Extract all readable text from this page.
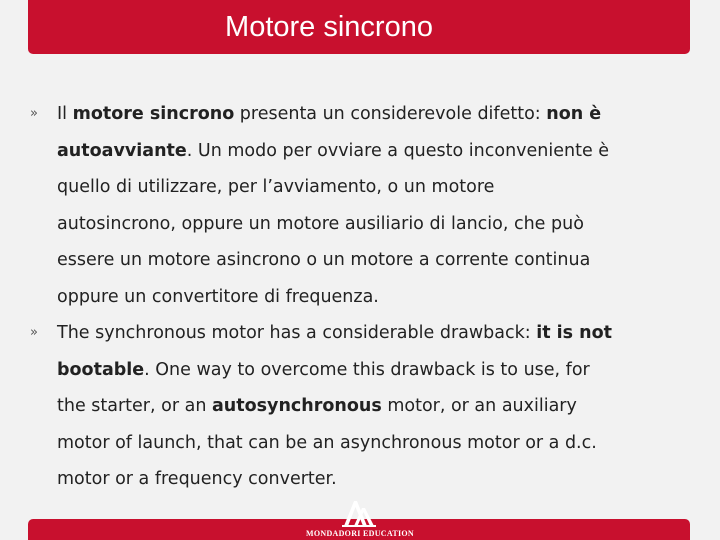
Motore sincrono
» Il motore sincrono presenta un considerevole difetto: non è
autoavviante. Un modo per ovviare a questo inconveniente è
quello di utilizzare, per l’avviamento, o un motore
autosincrono, oppure un motore ausiliario di lancio, che può
essere un motore asincrono o un motore a corrente continua
oppure un convertitore di frequenza.

» The synchronous motor has a considerable drawback: it is not
bootable. One way to overcome this drawback is to use, for
the starter, or an autosynchronous motor, or an auxiliary
motor of launch, that can be an asynchronous motor or a d.c.
motor or a frequency converter.

MONDADORI EDUCATION
